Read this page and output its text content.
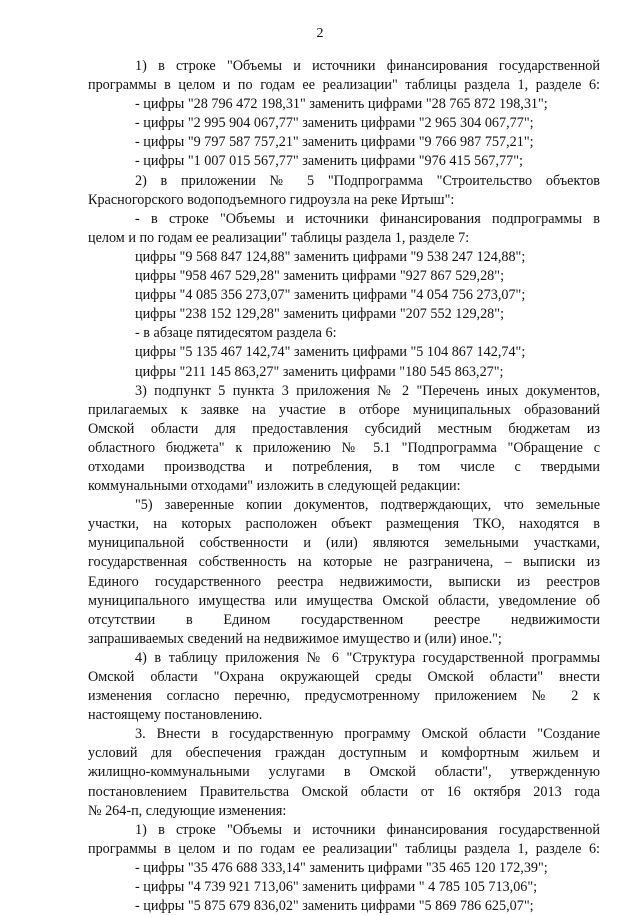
2
1) в строке "Объемы и источники финансирования государственной
программы в целом и по годам ее реализации" таблицы раздела 1, разделе 6:
- цифры "28 796 472 198,31" заменить цифрами "28 765 872 198,31";
- цифры "2 995 904 067,77" заменить цифрами "2 965 304 067,77";
- цифры "9 797 587 757,21" заменить цифрами "9 766 987 757,21";
- цифры "1 007 015 567,77" заменить цифрами "976 415 567,77";
2) в приложении № 5 "Подпрограмма "Строительство объектов
Красногорского водоподъемного гидроузла на реке Иртыш":
- в строке "Объемы и источники финансирования подпрограммы в
целом и по годам ее реализации" таблицы раздела 1, разделе 7:
цифры "9 568 847 124,88" заменить цифрами "9 538 247 124,88";
цифры "958 467 529,28" заменить цифрами "927 867 529,28";
цифры "4 085 356 273,07" заменить цифрами "4 054 756 273,07";
цифры "238 152 129,28" заменить цифрами "207 552 129,28";
- в абзаце пятидесятом раздела 6:
цифры "5 135 467 142,74" заменить цифрами "5 104 867 142,74";
цифры "211 145 863,27" заменить цифрами "180 545 863,27";
3) подпункт 5 пункта 3 приложения № 2 "Перечень иных документов,
прилагаемых к заявке на участие в отборе муниципальных образований
Омской области для предоставления субсидий местным бюджетам из
областного бюджета" к приложению № 5.1 "Подпрограмма "Обращение с
отходами производства и потребления, в том числе с твердыми
коммунальными отходами" изложить в следующей редакции:
"5) заверенные копии документов, подтверждающих, что земельные
участки, на которых расположен объект размещения ТКО, находятся в
муниципальной собственности и (или) являются земельными участками,
государственная собственность на которые не разграничена, – выписки из
Единого государственного реестра недвижимости, выписки из реестров
муниципального имущества или имущества Омской области, уведомление об
отсутствии в Едином государственном реестре недвижимости
запрашиваемых сведений на недвижимое имущество и (или) иное.";
4) в таблицу приложения № 6 "Структура государственной программы
Омской области "Охрана окружающей среды Омской области" внести
изменения согласно перечню, предусмотренному приложением № 2 к
настоящему постановлению.
3. Внести в государственную программу Омской области "Создание
условий для обеспечения граждан доступным и комфортным жильем и
жилищно-коммунальными услугами в Омской области", утвержденную
постановлением Правительства Омской области от 16 октября 2013 года
№ 264-п, следующие изменения:
1) в строке "Объемы и источники финансирования государственной
программы в целом и по годам ее реализации" таблицы раздела 1, разделе 6:
- цифры "35 476 688 333,14" заменить цифрами "35 465 120 172,39";
- цифры "4 739 921 713,06" заменить цифрами " 4 785 105 713,06";
- цифры "5 875 679 836,02" заменить цифрами "5 869 786 625,07";
